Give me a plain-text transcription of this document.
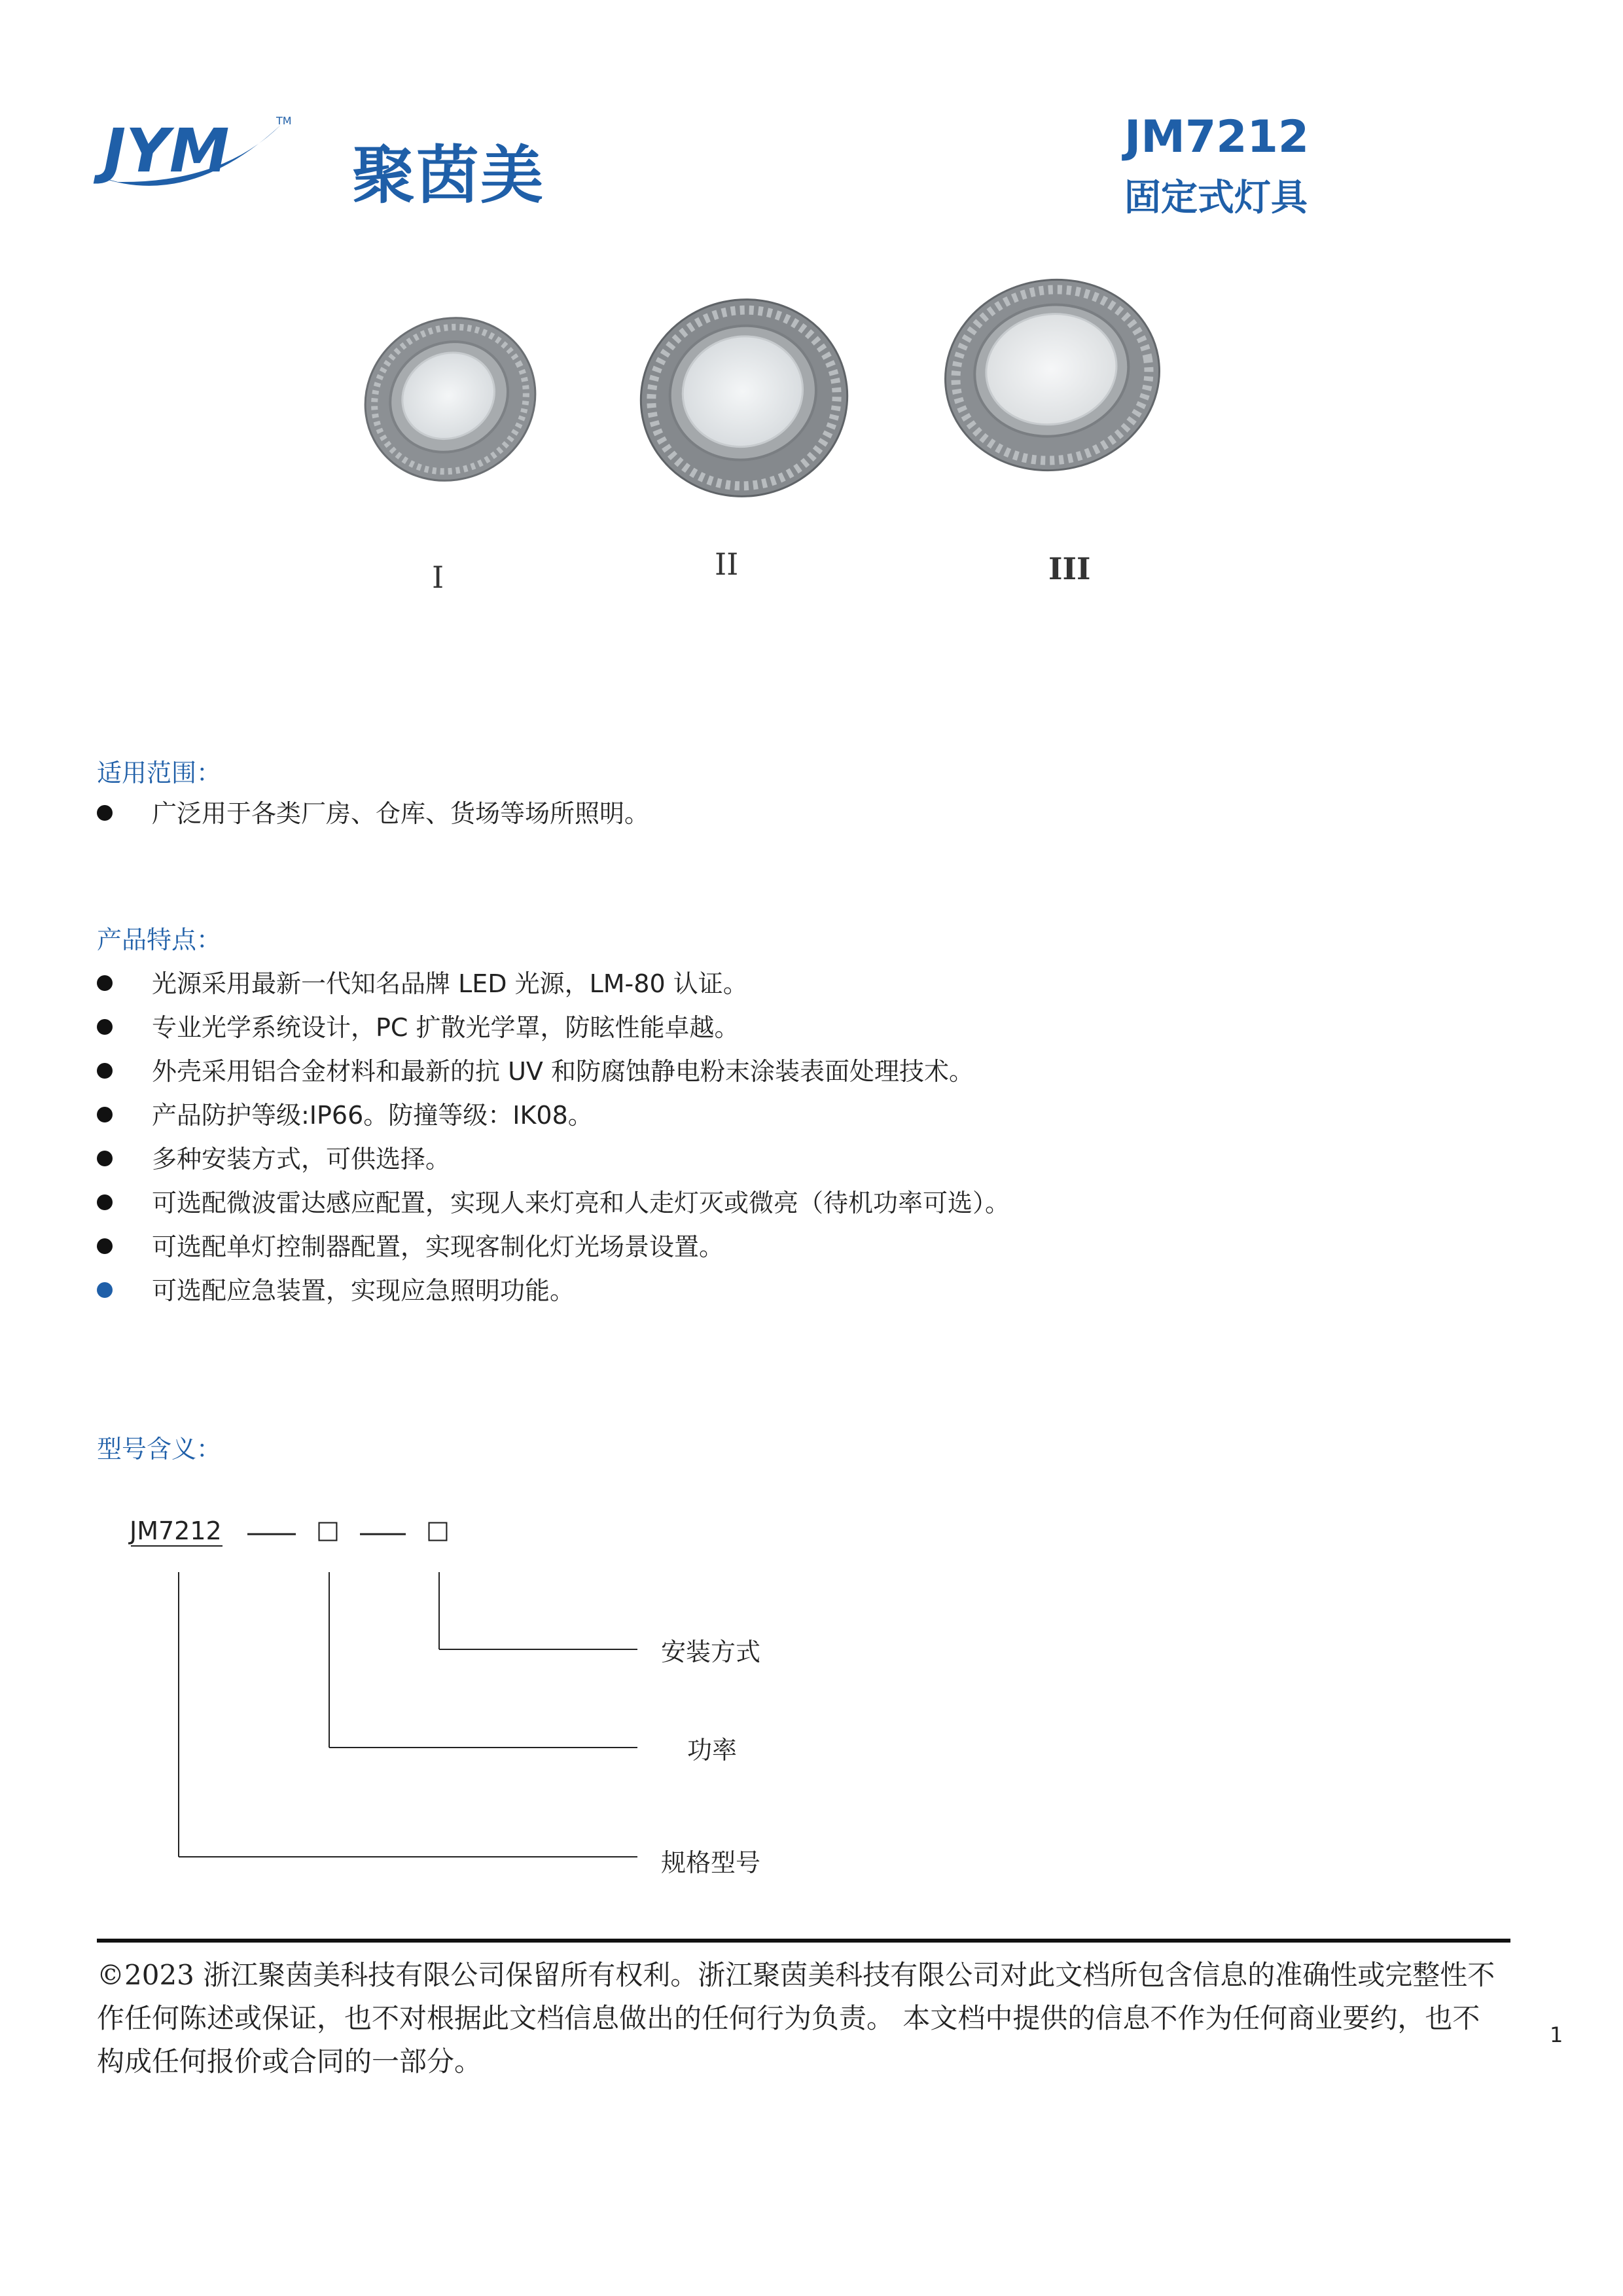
JYM	TM
聚茵美
JM7212
固定式灯具
I	II	III
适用范围：
广泛用于各类厂房、仓库、货场等场所照明。
产品特点：
光源采用最新一代知名品牌 LED 光源，LM-80 认证。
专业光学系统设计，PC 扩散光学罩，防眩性能卓越。
外壳采用铝合金材料和最新的抗 UV 和防腐蚀静电粉末涂装表面处理技术。
产品防护等级:IP66。防撞等级：IK08。
多种安装方式，可供选择。
可选配微波雷达感应配置，实现人来灯亮和人走灯灭或微亮（待机功率可选）。
可选配单灯控制器配置，实现客制化灯光场景设置。
可选配应急装置，实现应急照明功能。
型号含义：
JM7212	□	□
安装方式
功率
规格型号
©2023 浙江聚茵美科技有限公司保留所有权利。浙江聚茵美科技有限公司对此文档所包含信息的准确性或完整性不作任何陈述或保证，也不对根据此文档信息做出的任何行为负责。 本文档中提供的信息不作为任何商业要约，也不构成任何报价或合同的一部分。
1
